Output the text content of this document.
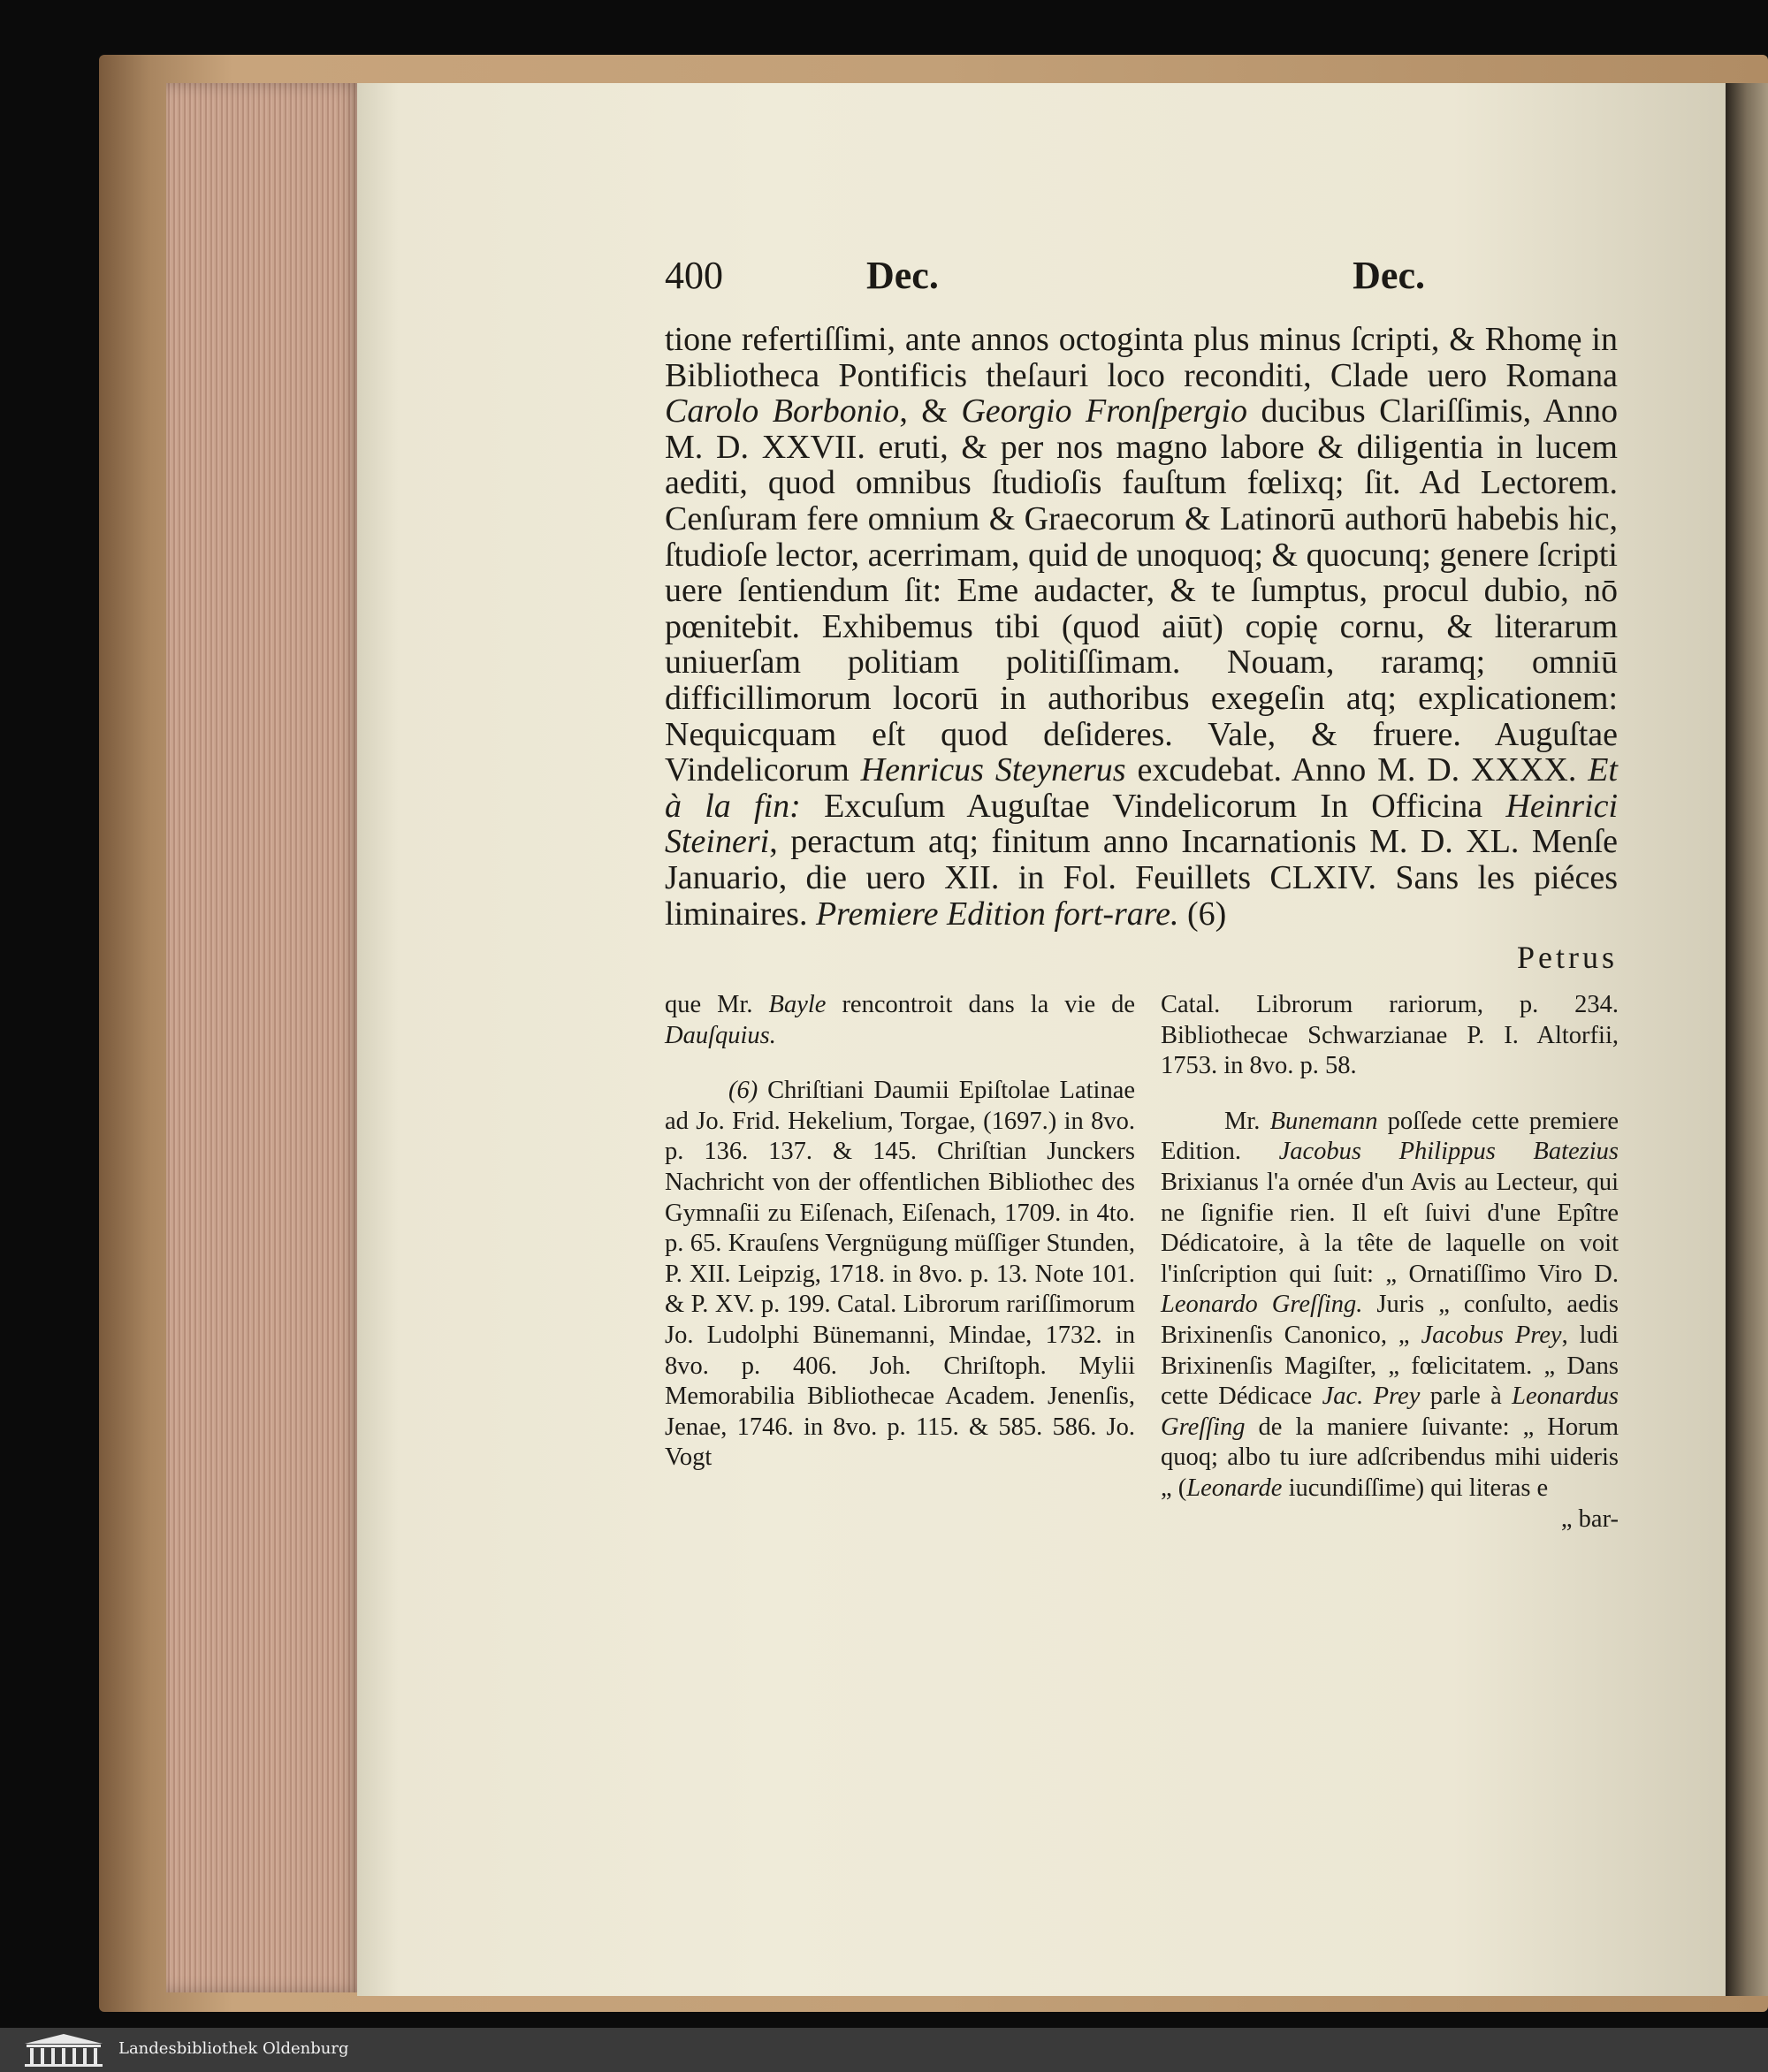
400	Dec.	Dec.

tione refertiſſimi, ante annos octoginta plus minus ſcripti, & Rhomę in Bibliotheca Pontificis theſauri loco reconditi, Clade uero Romana Carolo Borbonio, & Georgio Fronſpergio ducibus Clariſſimis, Anno M. D. XXVII. eruti, & per nos magno labore & diligentia in lucem aediti, quod omnibus ſtudioſis fauſtum fœlixq; ſit. Ad Lectorem. Cenſuram fere omnium & Graecorum & Latinorū authorū habebis hic, ſtudioſe lector, acerrimam, quid de unoquoq; & quocunq; genere ſcripti uere ſentiendum ſit: Eme audacter, & te ſumptus, procul dubio, nō pœnitebit. Exhibemus tibi (quod aiūt) copię cornu, & literarum uniuerſam politiam politiſſimam. Nouam, raramq; omniū difficillimorum locorū in authoribus exegeſin atq; explicationem: Nequicquam eſt quod deſideres. Vale, & fruere. Auguſtae Vindelicorum Henricus Steynerus excudebat. Anno M. D. XXXX. Et à la fin: Excuſum Auguſtae Vindelicorum In Officina Heinrici Steineri, peractum atq; finitum anno Incarnationis M. D. XL. Menſe Januario, die uero XII. in Fol. Feuillets CLXIV. Sans les piéces liminaires. Premiere Edition fort-rare. (6)

Petrus

que Mr. Bayle rencontroit dans la vie de Dauſquius.

(6) Chriſtiani Daumii Epiſtolae Latinae ad Jo. Frid. Hekelium, Torgae, (1697.) in 8vo. p. 136. 137. & 145. Chriſtian Junckers Nachricht von der offentlichen Bibliothec des Gymnaſii zu Eiſenach, Eiſenach, 1709. in 4to. p. 65. Krauſens Vergnügung müſſiger Stunden, P. XII. Leipzig, 1718. in 8vo. p. 13. Note 101. & P. XV. p. 199. Catal. Librorum rariſſimorum Jo. Ludolphi Bünemanni, Mindae, 1732. in 8vo. p. 406. Joh. Chriſtoph. Mylii Memorabilia Bibliothecae Academ. Jenenſis, Jenae, 1746. in 8vo. p. 115. & 585. 586. Jo. Vogt

Catal. Librorum rariorum, p. 234. Bibliothecae Schwarzianae P. I. Altorfii, 1753. in 8vo. p. 58.

Mr. Bunemann poſſede cette premiere Edition. Jacobus Philippus Batezius Brixianus l'a ornée d'un Avis au Lecteur, qui ne ſignifie rien. Il eſt ſuivi d'une Epître Dédicatoire, à la tête de laquelle on voit l'inſcription qui ſuit: „ Ornatiſſimo Viro D. Leonardo Greſſing. Juris „ conſulto, aedis Brixinenſis Canonico, „ Jacobus Prey, ludi Brixinenſis Magiſter, „ fœlicitatem. „ Dans cette Dédicace Jac. Prey parle à Leonardus Greſſing de la maniere ſuivante: „ Horum quoq; albo tu iure adſcribendus mihi uideris „ (Leonarde iucundiſſime) qui literas e

„ bar-

Landesbibliothek Oldenburg
